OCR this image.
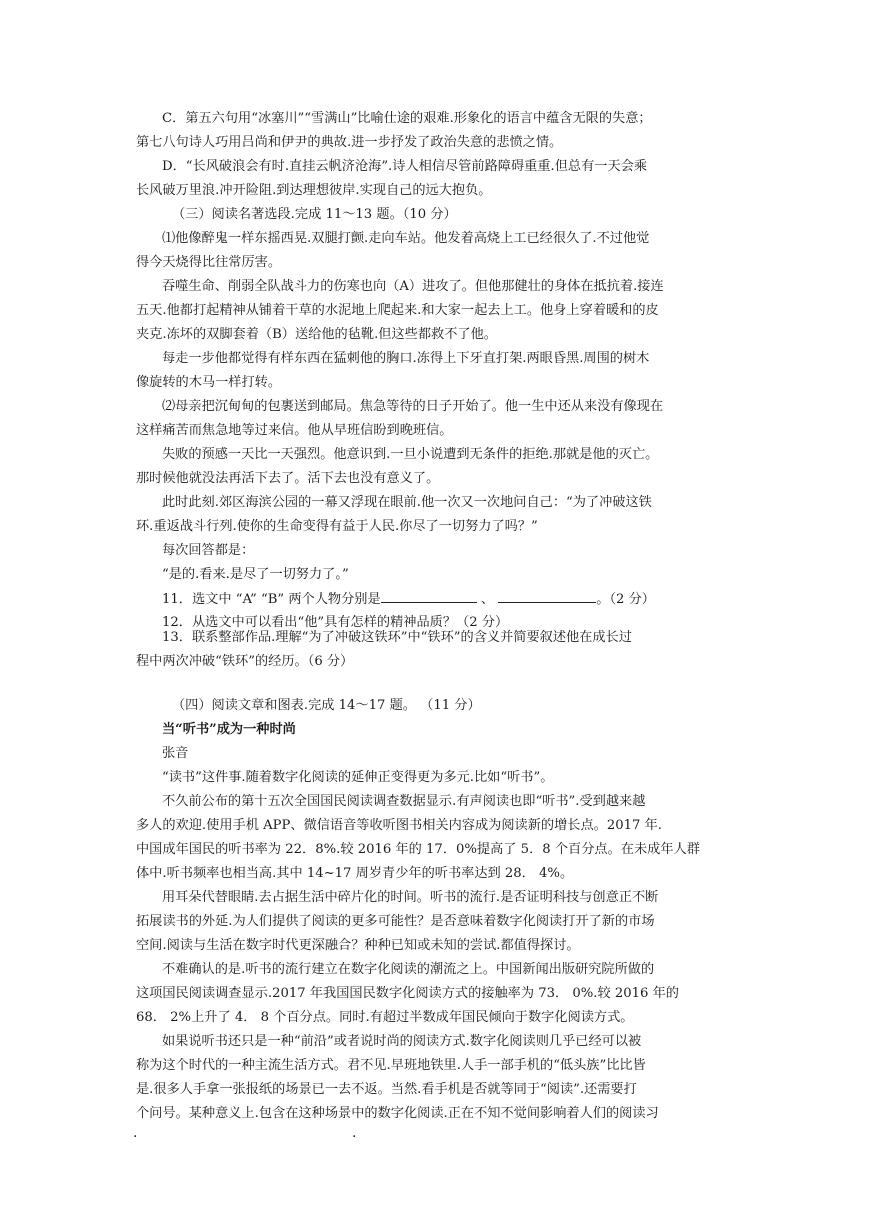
C．第五六句用“冰塞川”“雪满山”比喻仕途的艰难.形象化的语言中蕴含无限的失意；
第七八句诗人巧用吕尚和伊尹的典故.进一步抒发了政治失意的悲愤之情。
D．“长风破浪会有时.直挂云帆济沧海”.诗人相信尽管前路障碍重重.但总有一天会乘
长风破万里浪.冲开险阻.到达理想彼岸.实现自己的远大抱负。
（三）阅读名著选段.完成 11～13 题。（10 分）
⑴他像醉鬼一样东摇西晃.双腿打颤.走向车站。他发着高烧上工已经很久了.不过他觉
得今天烧得比往常厉害。
吞噬生命、削弱全队战斗力的伤寒也向（A）进攻了。但他那健壮的身体在抵抗着.接连
五天.他都打起精神从铺着干草的水泥地上爬起来.和大家一起去上工。他身上穿着暖和的皮
夹克.冻坏的双脚套着（B）送给他的毡靴.但这些都救不了他。
每走一步他都觉得有样东西在猛刺他的胸口.冻得上下牙直打架.两眼昏黑.周围的树木
像旋转的木马一样打转。
⑵母亲把沉甸甸的包裹送到邮局。焦急等待的日子开始了。他一生中还从来没有像现在
这样痛苦而焦急地等过来信。他从早班信盼到晚班信。
失败的预感一天比一天强烈。他意识到.一旦小说遭到无条件的拒绝.那就是他的灭亡。
那时候他就没法再活下去了。活下去也没有意义了。
此时此刻.郊区海滨公园的一幕又浮现在眼前.他一次又一次地问自己：“为了冲破这铁
环.重返战斗行列.使你的生命变得有益于人民.你尽了一切努力了吗？”
每次回答都是：
“是的.看来.是尽了一切努力了。”
11．选文中 “A” “B” 两个人物分别是	、	。（2 分）
12．从选文中可以看出“他”具有怎样的精神品质？（2 分）
13．联系整部作品.理解“为了冲破这铁环”中“铁环”的含义并简要叙述他在成长过
程中两次冲破“铁环”的经历。（6 分）
（四）阅读文章和图表.完成 14～17 题。 （11 分）
当“听书”成为一种时尚
张音
“读书”这件事.随着数字化阅读的延伸正变得更为多元.比如“听书”。
不久前公布的第十五次全国国民阅读调查数据显示.有声阅读也即“听书”.受到越来越
多人的欢迎.使用手机 APP、微信语音等收听图书相关内容成为阅读新的增长点。2017 年.
中国成年国民的听书率为 22．8%.较 2016 年的 17．0%提高了 5．8 个百分点。在未成年人群
体中.听书频率也相当高.其中 14~17 周岁青少年的听书率达到 28． 4%。
用耳朵代替眼睛.去占据生活中碎片化的时间。听书的流行.是否证明科技与创意正不断
拓展读书的外延.为人们提供了阅读的更多可能性？是否意味着数字化阅读打开了新的市场
空间.阅读与生活在数字时代更深融合？种种已知或未知的尝试.都值得探讨。
不难确认的是.听书的流行建立在数字化阅读的潮流之上。中国新闻出版研究院所做的
这项国民阅读调查显示.2017 年我国国民数字化阅读方式的接触率为 73． 0%.较 2016 年的
68． 2%上升了 4． 8 个百分点。同时.有超过半数成年国民倾向于数字化阅读方式。
如果说听书还只是一种“前沿”或者说时尚的阅读方式.数字化阅读则几乎已经可以被
称为这个时代的一种主流生活方式。君不见.早班地铁里.人手一部手机的“低头族”比比皆
是.很多人手拿一张报纸的场景已一去不返。当然.看手机是否就等同于“阅读”.还需要打
个问号。某种意义上.包含在这种场景中的数字化阅读.正在不知不觉间影响着人们的阅读习
.	.
